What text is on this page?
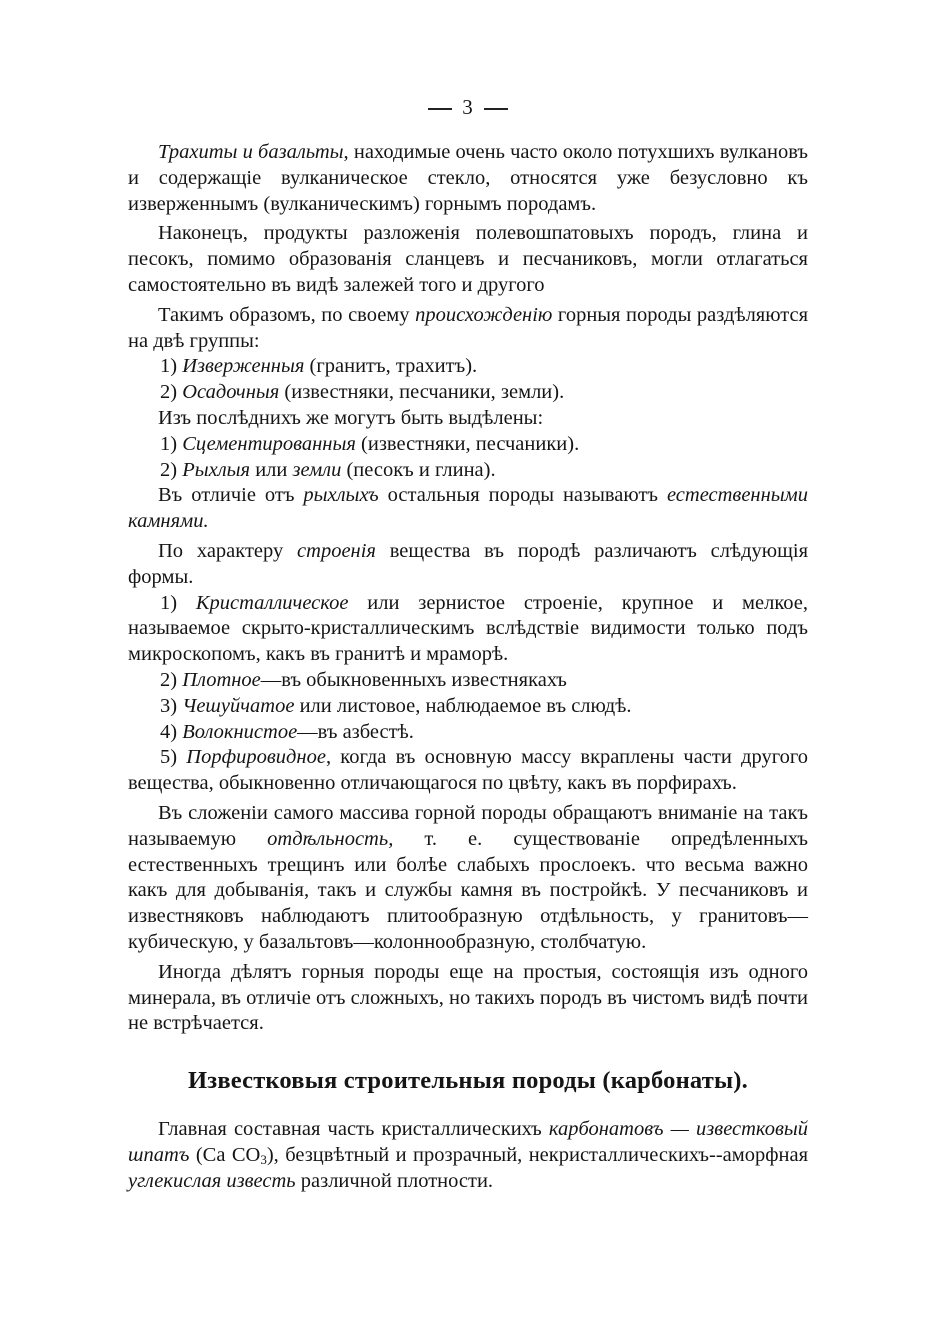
3

Трахиты и базальты, находимые очень часто около потухшихъ вулкановъ и содержащіе вулканическое стекло, относятся уже безусловно къ изверженнымъ (вулканическимъ) горнымъ породамъ.

Наконецъ, продукты разложенія полевошпатовыхъ породъ, глина и песокъ, помимо образованія сланцевъ и песчаниковъ, могли отлагаться самостоятельно въ видѣ залежей того и другого

Такимъ образомъ, по своему происхожденію горныя породы раздѣляются на двѣ группы:

1) Изверженныя (гранитъ, трахитъ).

2) Осадочныя (известняки, песчаники, земли).

Изъ послѣднихъ же могутъ быть выдѣлены:

1) Сцементированныя (известняки, песчаники).

2) Рыхлыя или земли (песокъ и глина).

Въ отличіе отъ рыхлыхъ остальныя породы называютъ естественными камнями.

По характеру строенія вещества въ породѣ различаютъ слѣдующія формы.

1) Кристаллическое или зернистое строеніе, крупное и мелкое, называемое скрыто-кристаллическимъ вслѣдствіе видимости только подъ микроскопомъ, какъ въ гранитѣ и мраморѣ.

2) Плотное—въ обыкновенныхъ известнякахъ

3) Чешуйчатое или листовое, наблюдаемое въ слюдѣ.

4) Волокнистое—въ азбестѣ.

5) Порфировидное, когда въ основную массу вкраплены части другого вещества, обыкновенно отличающагося по цвѣту, какъ въ порфирахъ.

Въ сложеніи самого массива горной породы обращаютъ вниманіе на такъ называемую отдѣльность, т. е. существованіе опредѣленныхъ естественныхъ трещинъ или болѣе слабыхъ прослоекъ. что весьма важно какъ для добыванія, такъ и службы камня въ постройкѣ. У песчаниковъ и известняковъ наблюдаютъ плитообразную отдѣльность, у гранитовъ—кубическую, у базальтовъ—колоннообразную, столбчатую.

Иногда дѣлятъ горныя породы еще на простыя, состоящія изъ одного минерала, въ отличіе отъ сложныхъ, но такихъ породъ въ чистомъ видѣ почти не встрѣчается.

Известковыя строительныя породы (карбонаты).

Главная составная часть кристаллическихъ карбонатовъ — известковый шпатъ (Ca $CO_3$), безцвѣтный и прозрачный, некристаллическихъ--аморфная углекислая известь различной плотности.
